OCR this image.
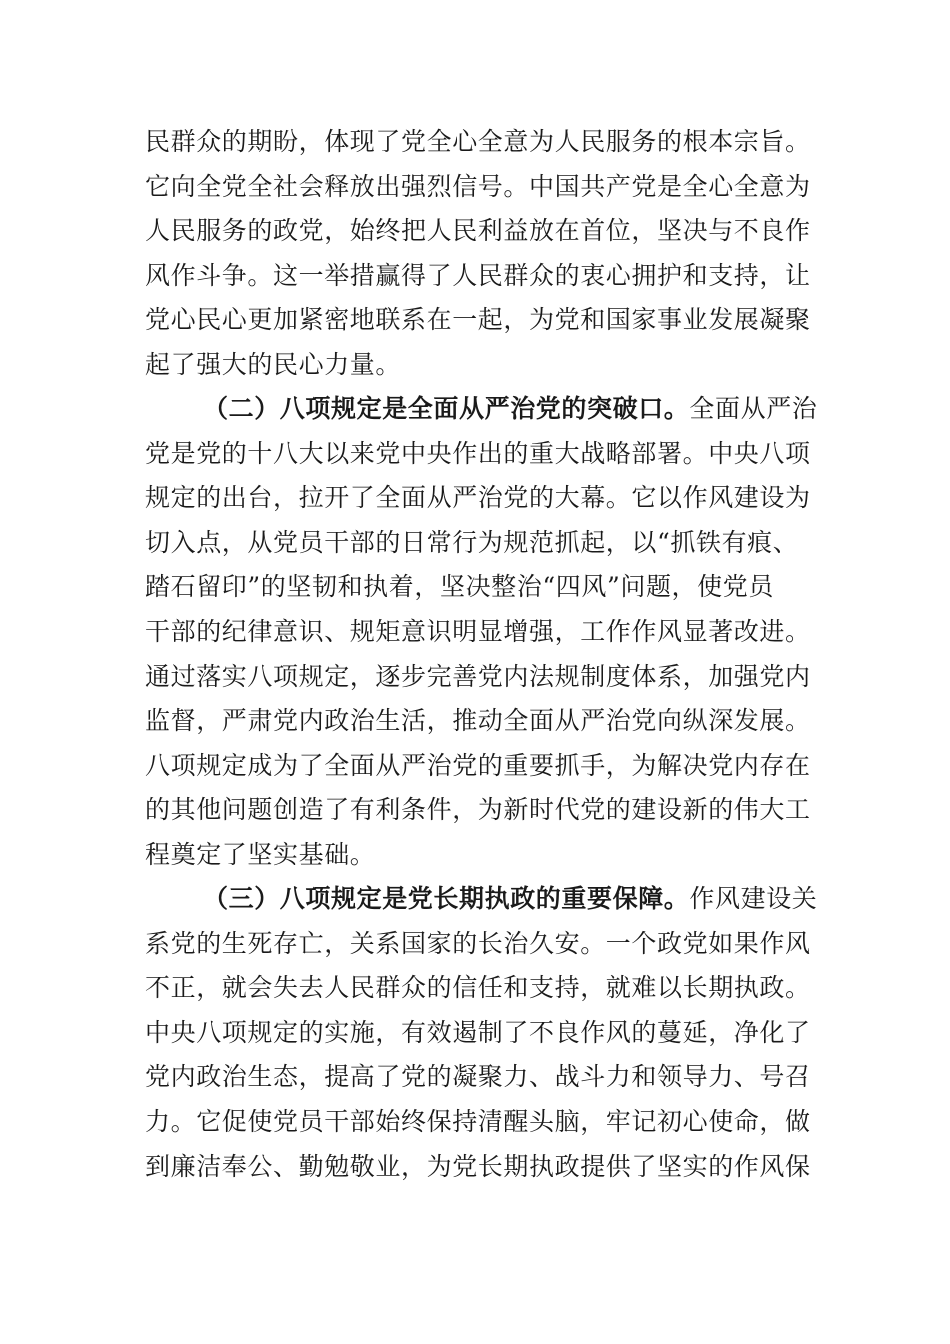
民群众的期盼，体现了党全心全意为人民服务的根本宗旨。
它向全党全社会释放出强烈信号。中国共产党是全心全意为
人民服务的政党，始终把人民利益放在首位，坚决与不良作
风作斗争。这一举措赢得了人民群众的衷心拥护和支持，让
党心民心更加紧密地联系在一起，为党和国家事业发展凝聚
起了强大的民心力量。
（二）八项规定是全面从严治党的突破口。全面从严治
党是党的十八大以来党中央作出的重大战略部署。中央八项
规定的出台，拉开了全面从严治党的大幕。它以作风建设为
切入点，从党员干部的日常行为规范抓起，以“抓铁有痕、
踏石留印”的坚韧和执着，坚决整治“四风”问题，使党员
干部的纪律意识、规矩意识明显增强，工作作风显著改进。
通过落实八项规定，逐步完善党内法规制度体系，加强党内
监督，严肃党内政治生活，推动全面从严治党向纵深发展。
八项规定成为了全面从严治党的重要抓手，为解决党内存在
的其他问题创造了有利条件，为新时代党的建设新的伟大工
程奠定了坚实基础。
（三）八项规定是党长期执政的重要保障。作风建设关
系党的生死存亡，关系国家的长治久安。一个政党如果作风
不正，就会失去人民群众的信任和支持，就难以长期执政。
中央八项规定的实施，有效遏制了不良作风的蔓延，净化了
党内政治生态，提高了党的凝聚力、战斗力和领导力、号召
力。它促使党员干部始终保持清醒头脑，牢记初心使命，做
到廉洁奉公、勤勉敬业，为党长期执政提供了坚实的作风保
